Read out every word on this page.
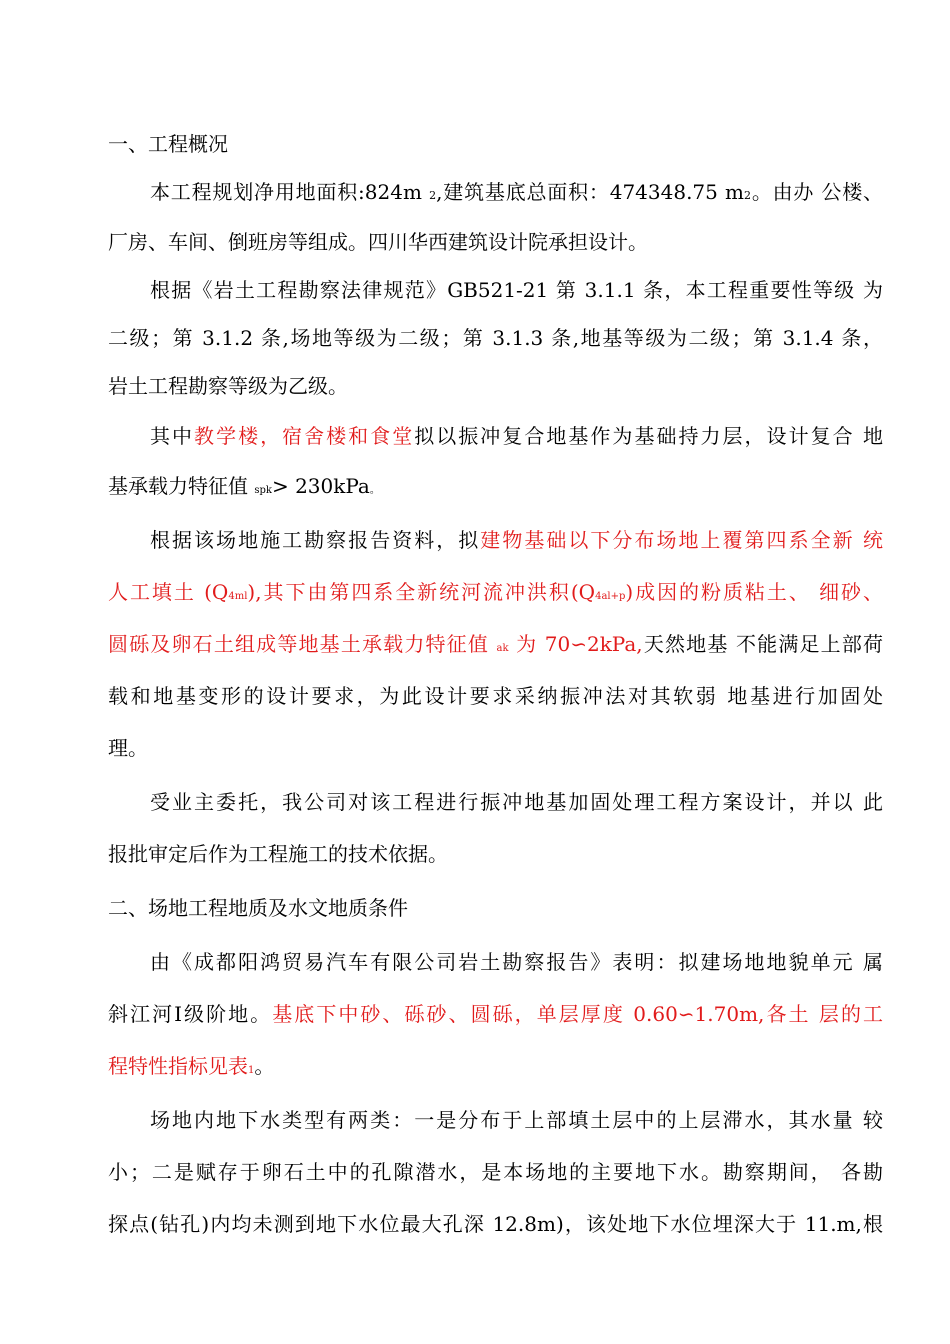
一、工程概况
本工程规划净用地面积:824m 2,建筑基底总面积：474348.75 m2。由办 公楼、
厂房、车间、倒班房等组成。四川华西建筑设计院承担设计。
根据《岩土工程勘察法律规范》GB521-21 第 3.1.1 条，本工程重要性等级 为
二级；第 3.1.2 条,场地等级为二级；第 3.1.3 条,地基等级为二级；第 3.1.4 条，
岩土工程勘察等级为乙级。
其中教学楼，宿舍楼和食堂拟以振冲复合地基作为基础持力层，设计复合 地
基承载力特征值 spk> 230kPa。
根据该场地施工勘察报告资料，拟建物基础以下分布场地上覆第四系全新 统
人工填土 (Q4ml),其下由第四系全新统河流冲洪积(Q4al+p)成因的粉质粘土、 细砂、
圆砾及卵石土组成等地基土承载力特征值 ak 为 70∽2kPa,天然地基 不能满足上部荷
载和地基变形的设计要求，为此设计要求采纳振冲法对其软弱 地基进行加固处
理。
受业主委托，我公司对该工程进行振冲地基加固处理工程方案设计，并以 此
报批审定后作为工程施工的技术依据。
二、场地工程地质及水文地质条件
由《成都阳鸿贸易汽车有限公司岩土勘察报告》表明：拟建场地地貌单元 属
斜江河Ⅰ级阶地。基底下中砂、砾砂、圆砾，单层厚度 0.60∽1.70m,各土 层的工
程特性指标见表1。
场地内地下水类型有两类：一是分布于上部填土层中的上层滞水，其水量 较
小；二是赋存于卵石土中的孔隙潜水，是本场地的主要地下水。勘察期间， 各勘
探点(钻孔)内均未测到地下水位最大孔深 12.8m)，该处地下水位埋深大于 11.m,根
